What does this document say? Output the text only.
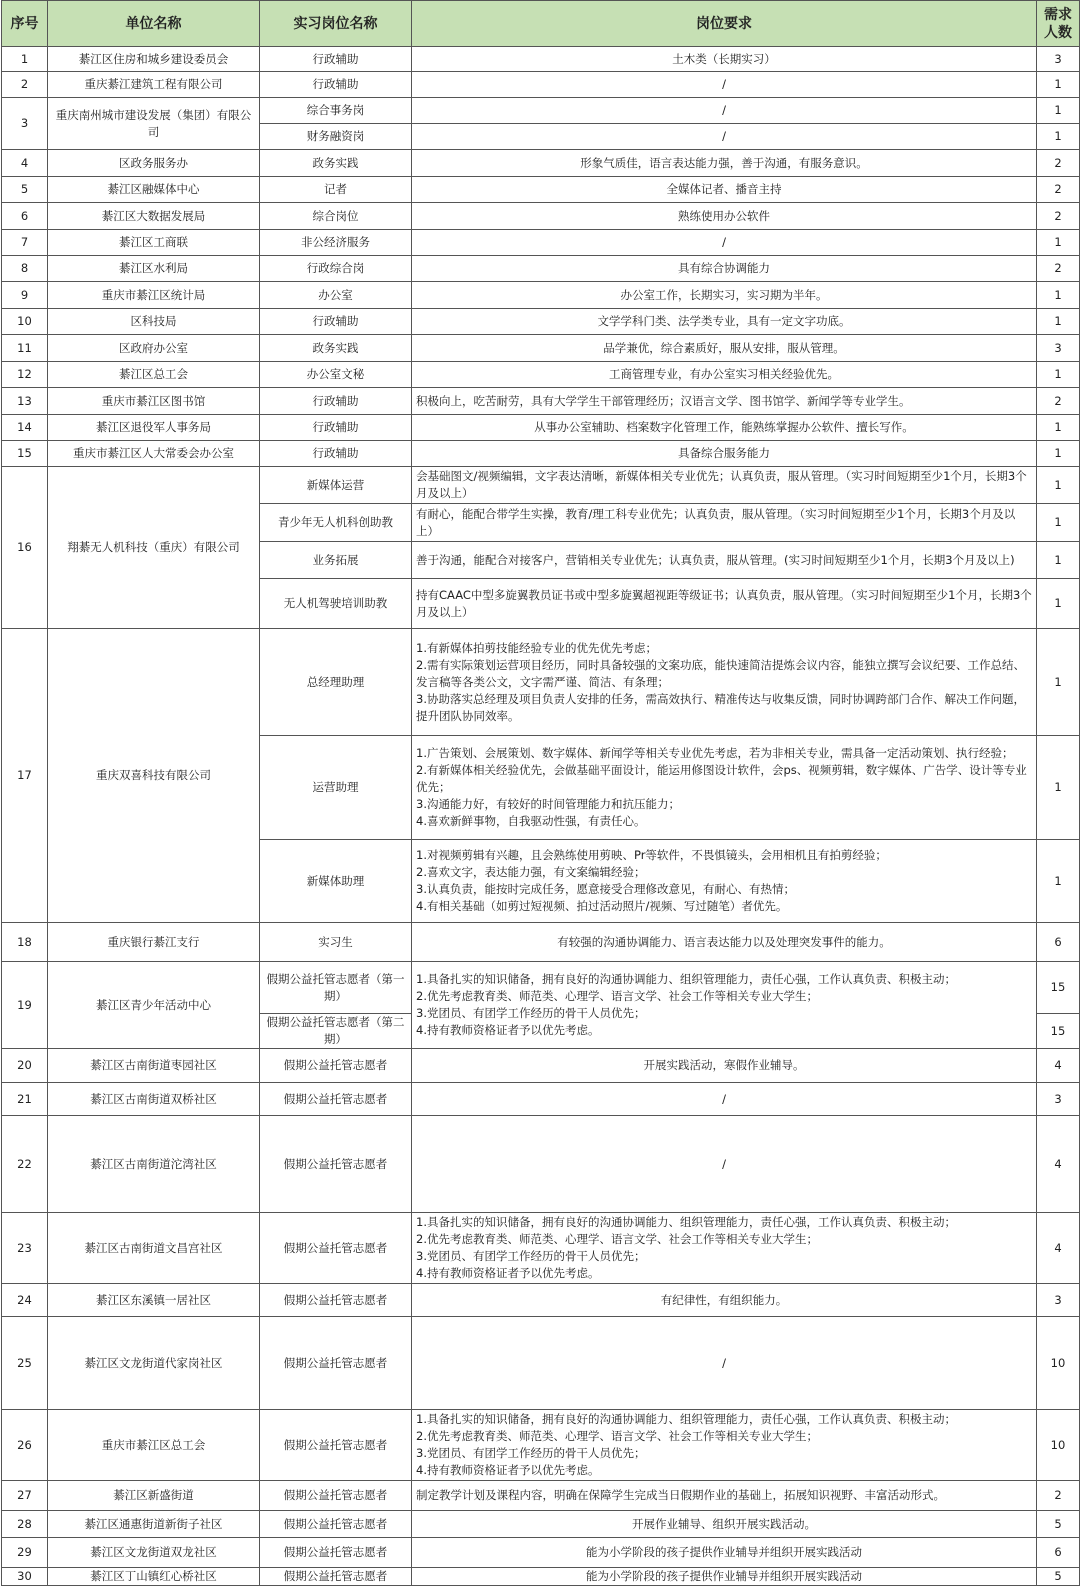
序号	单位名称	实习岗位名称	岗位要求	需求
人数

1	綦江区住房和城乡建设委员会	行政辅助	土木类（长期实习）	3
2	重庆綦江建筑工程有限公司	行政辅助	/	1
3	重庆南州城市建设发展（集团）有限公司	综合事务岗	/	1
		财务融资岗	/	1
4	区政务服务办	政务实践	形象气质佳，语言表达能力强，善于沟通，有服务意识。	2
5	綦江区融媒体中心	记者	全媒体记者、播音主持	2
6	綦江区大数据发展局	综合岗位	熟练使用办公软件	2
7	綦江区工商联	非公经济服务	/	1
8	綦江区水利局	行政综合岗	具有综合协调能力	2
9	重庆市綦江区统计局	办公室	办公室工作，长期实习，实习期为半年。	1
10	区科技局	行政辅助	文学学科门类、法学类专业，具有一定文字功底。	1
11	区政府办公室	政务实践	品学兼优，综合素质好，服从安排，服从管理。	3
12	綦江区总工会	办公室文秘	工商管理专业，有办公室实习相关经验优先。	1
13	重庆市綦江区图书馆	行政辅助	积极向上，吃苦耐劳，具有大学学生干部管理经历；汉语言文学、图书馆学、新闻学等专业学生。	2
14	綦江区退役军人事务局	行政辅助	从事办公室辅助、档案数字化管理工作，能熟练掌握办公软件、擅长写作。	1
15	重庆市綦江区人大常委会办公室	行政辅助	具备综合服务能力	1
16	翔綦无人机科技（重庆）有限公司	新媒体运营	会基础图文/视频编辑，文字表达清晰，新媒体相关专业优先；认真负责，服从管理。（实习时间短期至少1个月，长期3个月及以上）	1
		青少年无人机科创助教	有耐心，能配合带学生实操，教育/理工科专业优先；认真负责，服从管理。（实习时间短期至少1个月，长期3个月及以上）	1
		业务拓展	善于沟通，能配合对接客户，营销相关专业优先；认真负责，服从管理。(实习时间短期至少1个月，长期3个月及以上)	1
		无人机驾驶培训助教	持有CAAC中型多旋翼教员证书或中型多旋翼超视距等级证书；认真负责，服从管理。（实习时间短期至少1个月，长期3个月及以上）	1
17	重庆双喜科技有限公司	总经理助理	1.有新媒体拍剪技能经验专业的优先优先考虑；
2.需有实际策划运营项目经历，同时具备较强的文案功底，能快速简洁提炼会议内容，能独立撰写会议纪要、工作总结、发言稿等各类公文，文字需严谨、简洁、有条理；
3.协助落实总经理及项目负责人安排的任务，需高效执行、精准传达与收集反馈，同时协调跨部门合作、解决工作问题，提升团队协同效率。	1
		运营助理	1.广告策划、会展策划、数字媒体、新闻学等相关专业优先考虑，若为非相关专业，需具备一定活动策划、执行经验；
2.有新媒体相关经验优先，会做基础平面设计，能运用修图设计软件，会ps、视频剪辑，数字媒体、广告学、设计等专业优先；
3.沟通能力好，有较好的时间管理能力和抗压能力；
4.喜欢新鲜事物，自我驱动性强，有责任心。	1
		新媒体助理	1.对视频剪辑有兴趣，且会熟练使用剪映、Pr等软件，不畏惧镜头，会用相机且有拍剪经验；
2.喜欢文字，表达能力强，有文案编辑经验；
3.认真负责，能按时完成任务，愿意接受合理修改意见，有耐心、有热情；
4.有相关基础（如剪过短视频、拍过活动照片/视频、写过随笔）者优先。	1
18	重庆银行綦江支行	实习生	有较强的沟通协调能力、语言表达能力以及处理突发事件的能力。	6
19	綦江区青少年活动中心	假期公益托管志愿者（第一期）	1.具备扎实的知识储备，拥有良好的沟通协调能力、组织管理能力，责任心强，工作认真负责、积极主动；
2.优先考虑教育类、师范类、心理学、语言文学、社会工作等相关专业大学生；
3.党团员、有团学工作经历的骨干人员优先；
4.持有教师资格证者予以优先考虑。	15
		假期公益托管志愿者（第二期）		15
20	綦江区古南街道枣园社区	假期公益托管志愿者	开展实践活动，寒假作业辅导。	4
21	綦江区古南街道双桥社区	假期公益托管志愿者	/	3
22	綦江区古南街道沱湾社区	假期公益托管志愿者	/	4
23	綦江区古南街道文昌宫社区	假期公益托管志愿者	1.具备扎实的知识储备，拥有良好的沟通协调能力、组织管理能力，责任心强，工作认真负责、积极主动；
2.优先考虑教育类、师范类、心理学、语言文学、社会工作等相关专业大学生；
3.党团员、有团学工作经历的骨干人员优先；
4.持有教师资格证者予以优先考虑。	4
24	綦江区东溪镇一居社区	假期公益托管志愿者	有纪律性，有组织能力。	3
25	綦江区文龙街道代家岗社区	假期公益托管志愿者	/	10
26	重庆市綦江区总工会	假期公益托管志愿者	1.具备扎实的知识储备，拥有良好的沟通协调能力、组织管理能力，责任心强，工作认真负责、积极主动；
2.优先考虑教育类、师范类、心理学、语言文学、社会工作等相关专业大学生；
3.党团员、有团学工作经历的骨干人员优先；
4.持有教师资格证者予以优先考虑。	10
27	綦江区新盛街道	假期公益托管志愿者	制定教学计划及课程内容，明确在保障学生完成当日假期作业的基础上，拓展知识视野、丰富活动形式。	2
28	綦江区通惠街道新街子社区	假期公益托管志愿者	开展作业辅导、组织开展实践活动。	5
29	綦江区文龙街道双龙社区	假期公益托管志愿者	能为小学阶段的孩子提供作业辅导并组织开展实践活动	6
30	綦江区丁山镇红心桥社区	假期公益托管志愿者	能为小学阶段的孩子提供作业辅导并组织开展实践活动	5
